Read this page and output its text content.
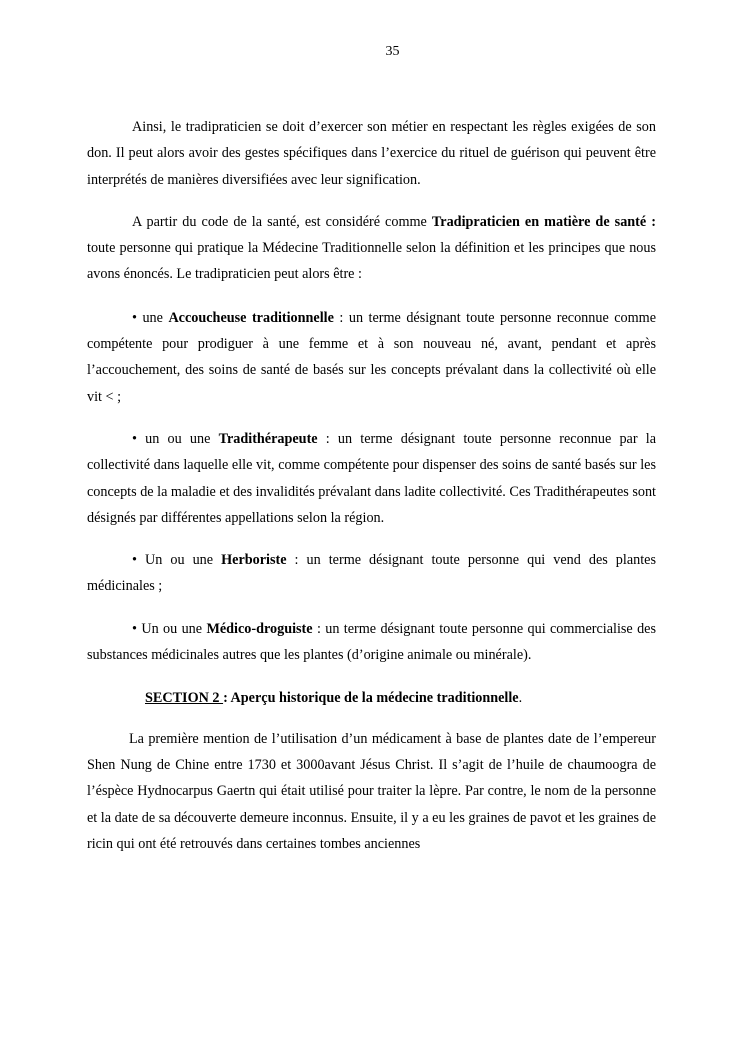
35

Ainsi, le tradipraticien se doit d’exercer son métier en respectant les règles exigées de son don. Il peut alors avoir des gestes spécifiques dans l’exercice du rituel de guérison qui peuvent être interprétés de manières diversifiées avec leur signification.

A partir du code de la santé, est considéré comme Tradipraticien en matière de santé : toute personne qui pratique la Médecine Traditionnelle selon la définition et les principes que nous avons énoncés. Le tradipraticien peut alors être :

• une Accoucheuse traditionnelle : un terme désignant toute personne reconnue comme compétente pour prodiguer à une femme et à son nouveau né, avant, pendant et après l’accouchement, des soins de santé de basés sur les concepts prévalant dans la collectivité où elle vit < ;

• un ou une Tradithérapeute : un terme désignant toute personne reconnue par la collectivité dans laquelle elle vit, comme compétente pour dispenser des soins de santé basés sur les concepts de la maladie et des invalidités prévalant dans ladite collectivité. Ces Tradithérapeutes sont désignés par différentes appellations selon la région.

• Un ou une Herboriste : un terme désignant toute personne qui vend des plantes médicinales ;

• Un ou une Médico-droguiste : un terme désignant toute personne qui commercialise des substances médicinales autres que les plantes (d’origine animale ou minérale).

SECTION 2 : Aperçu historique de la médecine traditionnelle.

La première mention de l’utilisation d’un médicament à base de plantes date de l’empereur Shen Nung de Chine entre 1730 et 3000avant Jésus Christ. Il s’agit de l’huile de chaumoogra de l’éspèce Hydnocarpus Gaertn qui était utilisé pour traiter la lèpre. Par contre, le nom de la personne et la date de sa découverte demeure inconnus. Ensuite, il y a eu les graines de pavot et les graines de ricin qui ont été retrouvés dans certaines tombes anciennes
